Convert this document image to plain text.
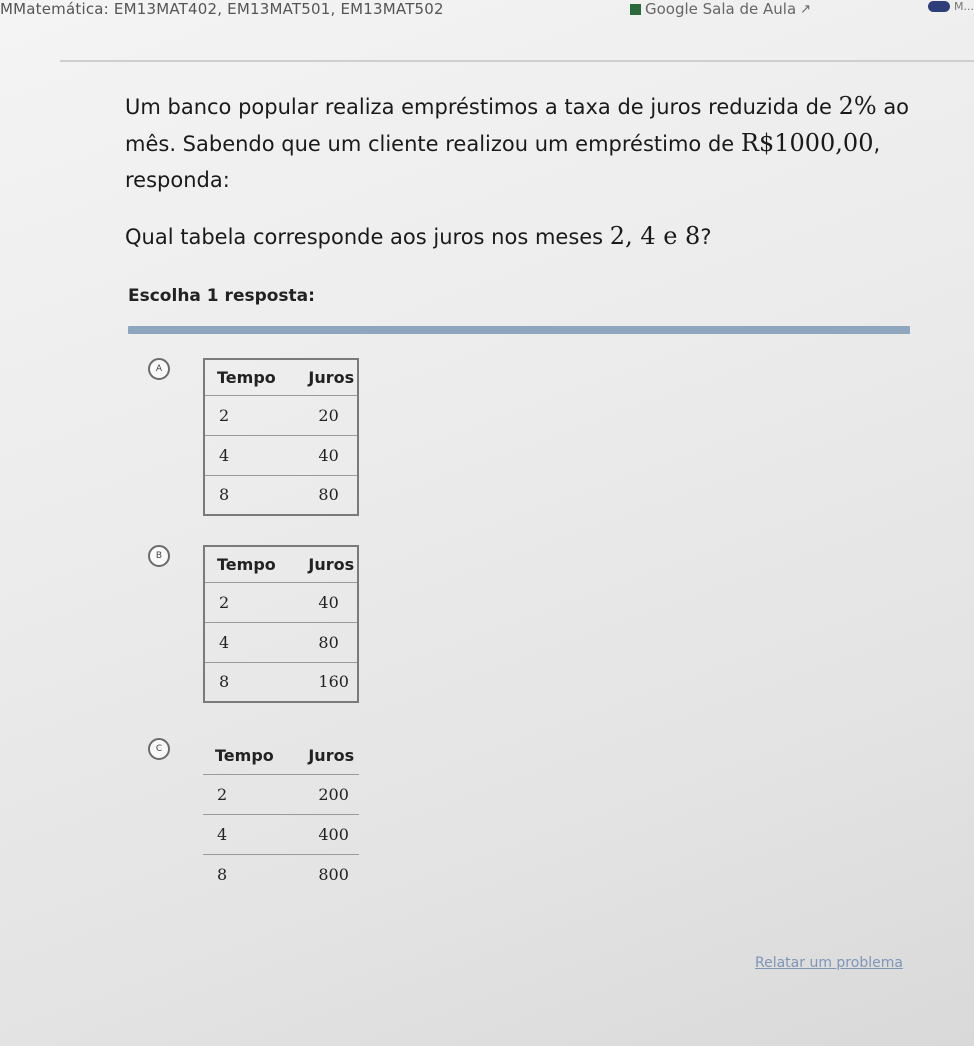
MMatemática: EM13MAT402, EM13MAT501, EM13MAT502	Google Sala de Aula ↗	M...
Um banco popular realiza empréstimos a taxa de juros reduzida de 2% ao mês. Sabendo que um cliente realizou um empréstimo de R$1000,00, responda:
Qual tabela corresponde aos juros nos meses 2, 4 e 8?
Escolha 1 resposta:
A	Tempo	Juros
2	20
4	40
8	80
B	Tempo	Juros
2	40
4	80
8	160
C	Tempo	Juros
2	200
4	400
8	800
Relatar um problema
